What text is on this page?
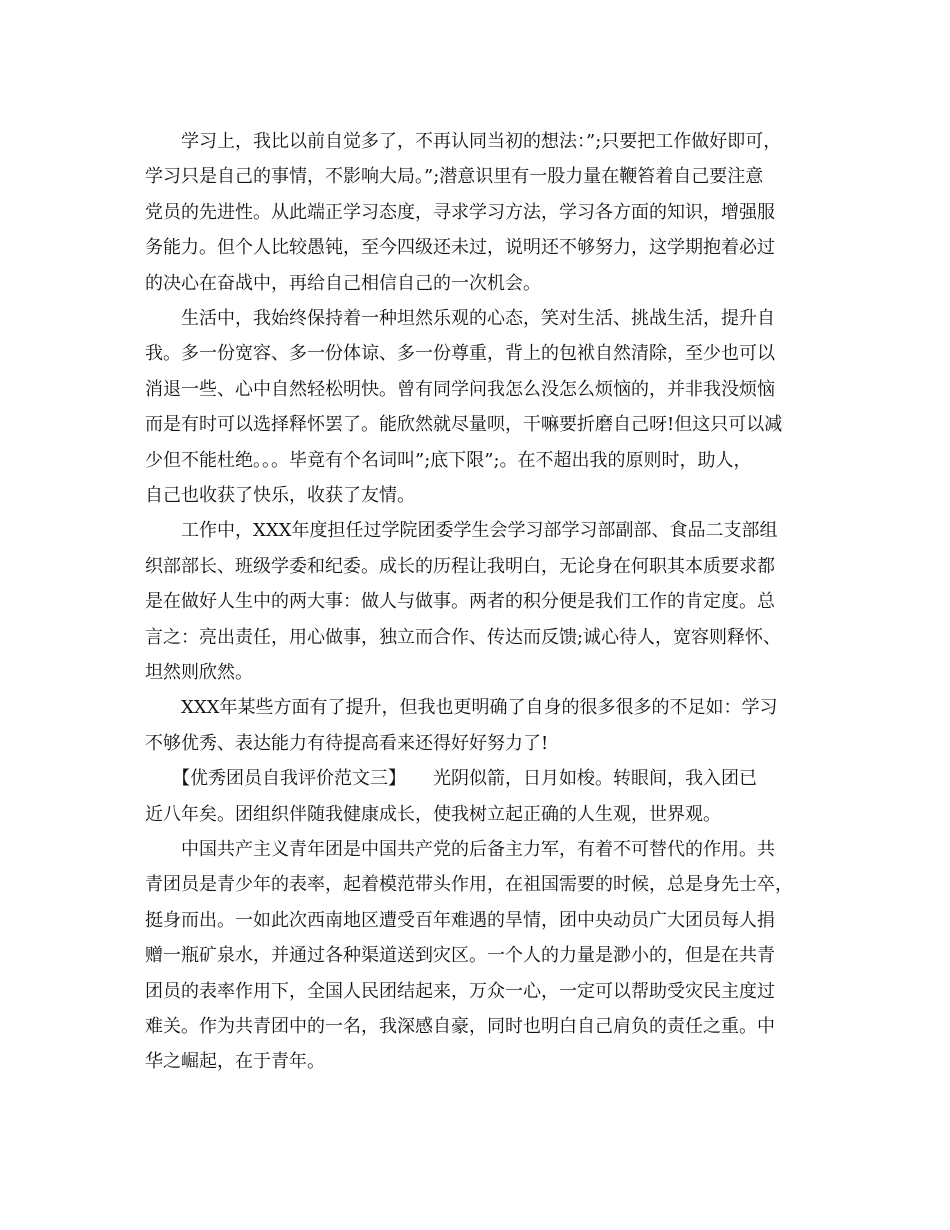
　　学习上，我比以前自觉多了，不再认同当初的想法：”;只要把工作做好即可，
学习只是自己的事情，不影响大局。”;潜意识里有一股力量在鞭笞着自己要注意
党员的先进性。从此端正学习态度，寻求学习方法，学习各方面的知识，增强服
务能力。但个人比较愚钝，至今四级还未过，说明还不够努力，这学期抱着必过
的决心在奋战中，再给自己相信自己的一次机会。
　　生活中，我始终保持着一种坦然乐观的心态，笑对生活、挑战生活，提升自
我。多一份宽容、多一份体谅、多一份尊重，背上的包袱自然清除，至少也可以
消退一些、心中自然轻松明快。曾有同学问我怎么没怎么烦恼的，并非我没烦恼
而是有时可以选择释怀罢了。能欣然就尽量呗，干嘛要折磨自己呀!但这只可以减
少但不能杜绝。。。毕竟有个名词叫”;底下限”;。在不超出我的原则时，助人，
自己也收获了快乐，收获了友情。
　　工作中，XXX年度担任过学院团委学生会学习部学习部副部、食品二支部组
织部部长、班级学委和纪委。成长的历程让我明白，无论身在何职其本质要求都
是在做好人生中的两大事：做人与做事。两者的积分便是我们工作的肯定度。总
言之：亮出责任，用心做事，独立而合作、传达而反馈;诚心待人，宽容则释怀、
坦然则欣然。
　　XXX年某些方面有了提升，但我也更明确了自身的很多很多的不足如：学习
不够优秀、表达能力有待提高看来还得好好努力了!
　　【优秀团员自我评价范文三】　　光阴似箭，日月如梭。转眼间，我入团已
近八年矣。团组织伴随我健康成长，使我树立起正确的人生观，世界观。
　　中国共产主义青年团是中国共产党的后备主力军，有着不可替代的作用。共
青团员是青少年的表率，起着模范带头作用，在祖国需要的时候，总是身先士卒，
挺身而出。一如此次西南地区遭受百年难遇的旱情，团中央动员广大团员每人捐
赠一瓶矿泉水，并通过各种渠道送到灾区。一个人的力量是渺小的，但是在共青
团员的表率作用下，全国人民团结起来，万众一心，一定可以帮助受灾民主度过
难关。作为共青团中的一名，我深感自豪，同时也明白自己肩负的责任之重。中
华之崛起，在于青年。
